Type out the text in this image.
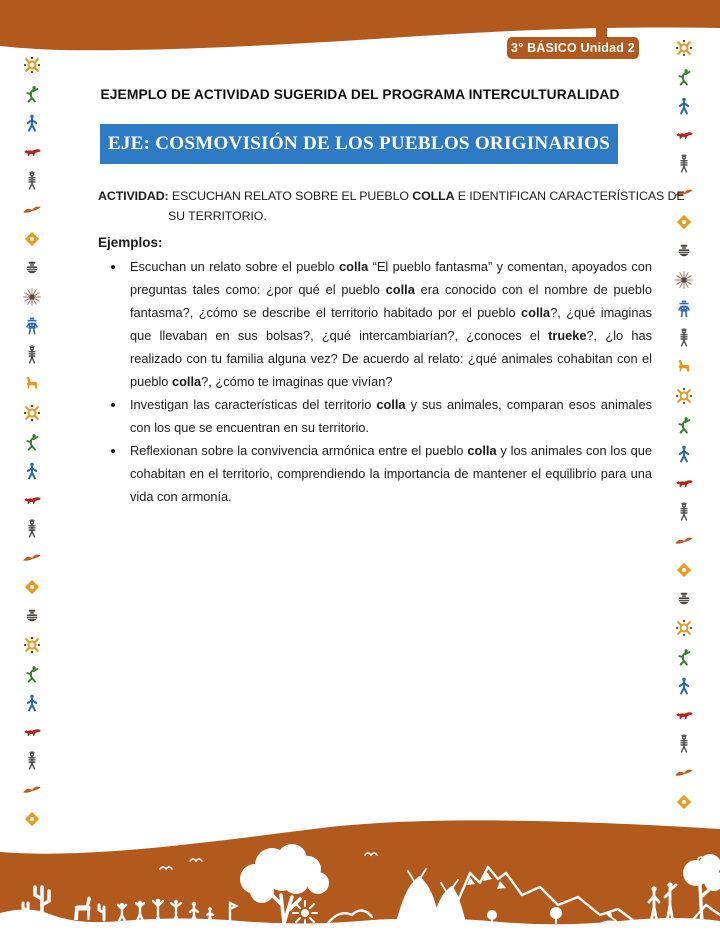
3° BÁSICO Unidad 2
EJEMPLO DE ACTIVIDAD SUGERIDA DEL PROGRAMA INTERCULTURALIDAD
EJE: COSMOVISIÓN DE LOS PUEBLOS ORIGINARIOS
ACTIVIDAD: ESCUCHAN RELATO SOBRE EL PUEBLO COLLA E IDENTIFICAN CARACTERÍSTICAS DE SU TERRITORIO.
Ejemplos:
• Escuchan un relato sobre el pueblo colla “El pueblo fantasma” y comentan, apoyados con preguntas tales como: ¿por qué el pueblo colla era conocido con el nombre de pueblo fantasma?, ¿cómo se describe el territorio habitado por el pueblo colla?, ¿qué imaginas que llevaban en sus bolsas?, ¿qué intercambiarían?, ¿conoces el trueke?, ¿lo has realizado con tu familia alguna vez? De acuerdo al relato: ¿qué animales cohabitan con el pueblo colla?, ¿cómo te imaginas que vivían?
• Investigan las características del territorio colla y sus animales, comparan esos animales con los que se encuentran en su territorio.
• Reflexionan sobre la convivencia armónica entre el pueblo colla y los animales con los que cohabitan en el territorio, comprendiendo la importancia de mantener el equilibrio para una vida con armonía.
